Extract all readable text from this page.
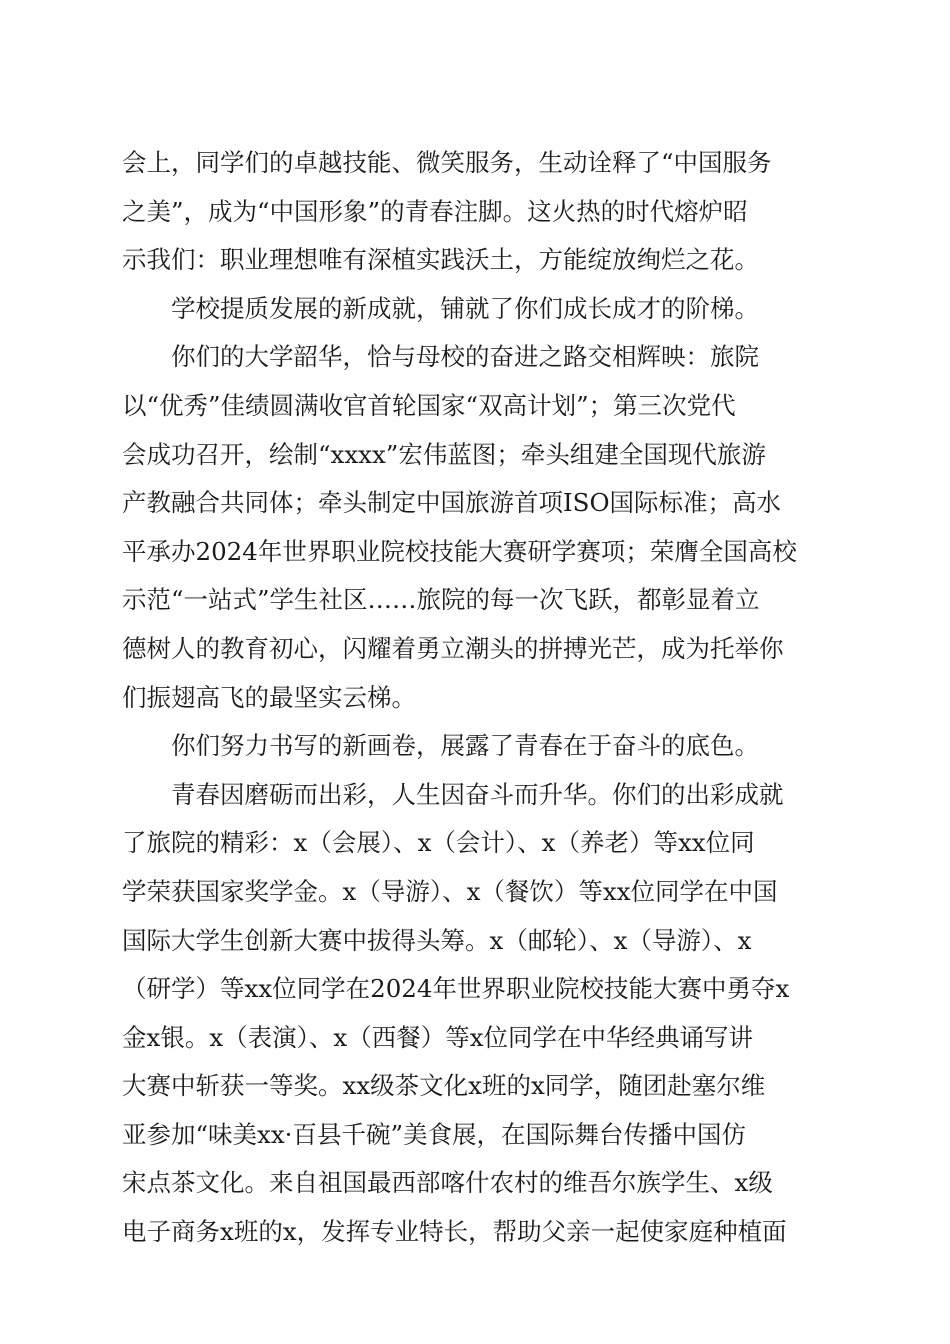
会上，同学们的卓越技能、微笑服务，生动诠释了“中国服务
之美”，成为“中国形象”的青春注脚。这火热的时代熔炉昭
示我们：职业理想唯有深植实践沃土，方能绽放绚烂之花。
学校提质发展的新成就，铺就了你们成长成才的阶梯。
你们的大学韶华，恰与母校的奋进之路交相辉映：旅院
以“优秀”佳绩圆满收官首轮国家“双高计划”；第三次党代
会成功召开，绘制“xxxx”宏伟蓝图；牵头组建全国现代旅游
产教融合共同体；牵头制定中国旅游首项ISO国际标准；高水
平承办2024年世界职业院校技能大赛研学赛项；荣膺全国高校
示范“一站式”学生社区……旅院的每一次飞跃，都彰显着立
德树人的教育初心，闪耀着勇立潮头的拼搏光芒，成为托举你
们振翅高飞的最坚实云梯。
你们努力书写的新画卷，展露了青春在于奋斗的底色。
青春因磨砺而出彩，人生因奋斗而升华。你们的出彩成就
了旅院的精彩：x（会展）、x（会计）、x（养老）等xx位同
学荣获国家奖学金。x（导游）、x（餐饮）等xx位同学在中国
国际大学生创新大赛中拔得头筹。x（邮轮）、x（导游）、x
（研学）等xx位同学在2024年世界职业院校技能大赛中勇夺x
金x银。x（表演）、x（西餐）等x位同学在中华经典诵写讲
大赛中斩获一等奖。xx级茶文化x班的x同学，随团赴塞尔维
亚参加“味美xx·百县千碗”美食展，在国际舞台传播中国仿
宋点茶文化。来自祖国最西部喀什农村的维吾尔族学生、x级
电子商务x班的x，发挥专业特长，帮助父亲一起使家庭种植面
